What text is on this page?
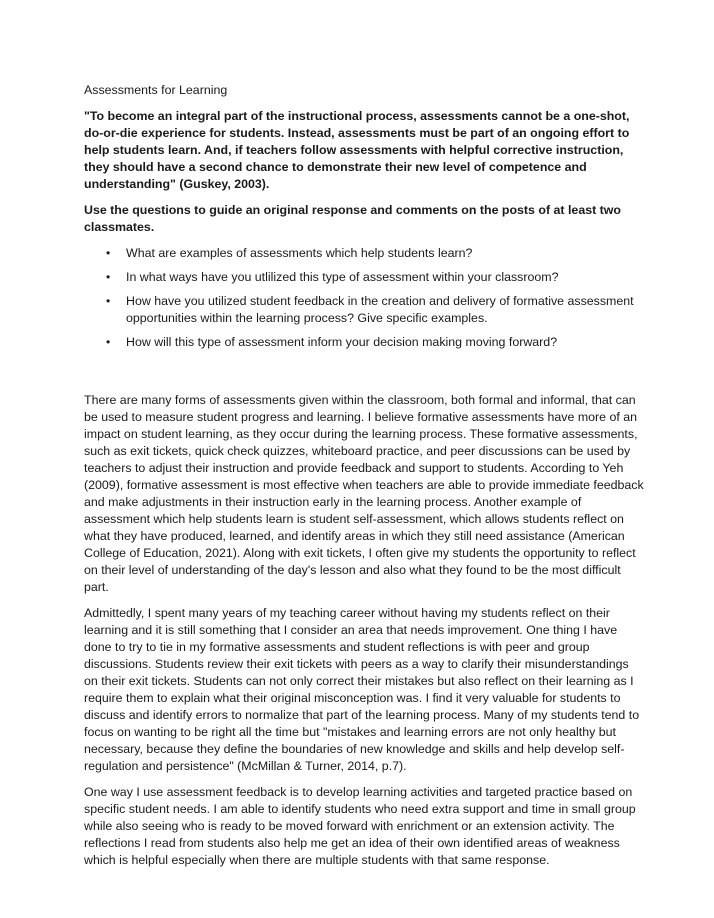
Assessments for Learning

"To become an integral part of the instructional process, assessments cannot be a one-shot, do-or-die experience for students. Instead, assessments must be part of an ongoing effort to help students learn. And, if teachers follow assessments with helpful corrective instruction, they should have a second chance to demonstrate their new level of competence and understanding" (Guskey, 2003).

Use the questions to guide an original response and comments on the posts of at least two classmates.

• What are examples of assessments which help students learn?
• In what ways have you utlilized this type of assessment within your classroom?
• How have you utilized student feedback in the creation and delivery of formative assessment opportunities within the learning process? Give specific examples.
• How will this type of assessment inform your decision making moving forward?

There are many forms of assessments given within the classroom, both formal and informal, that can be used to measure student progress and learning. I believe formative assessments have more of an impact on student learning, as they occur during the learning process. These formative assessments, such as exit tickets, quick check quizzes, whiteboard practice, and peer discussions can be used by teachers to adjust their instruction and provide feedback and support to students. According to Yeh (2009), formative assessment is most effective when teachers are able to provide immediate feedback and make adjustments in their instruction early in the learning process. Another example of assessment which help students learn is student self-assessment, which allows students reflect on what they have produced, learned, and identify areas in which they still need assistance (American College of Education, 2021). Along with exit tickets, I often give my students the opportunity to reflect on their level of understanding of the day's lesson and also what they found to be the most difficult part.

Admittedly, I spent many years of my teaching career without having my students reflect on their learning and it is still something that I consider an area that needs improvement. One thing I have done to try to tie in my formative assessments and student reflections is with peer and group discussions. Students review their exit tickets with peers as a way to clarify their misunderstandings on their exit tickets. Students can not only correct their mistakes but also reflect on their learning as I require them to explain what their original misconception was. I find it very valuable for students to discuss and identify errors to normalize that part of the learning process. Many of my students tend to focus on wanting to be right all the time but "mistakes and learning errors are not only healthy but necessary, because they define the boundaries of new knowledge and skills and help develop self-regulation and persistence" (McMillan & Turner, 2014, p.7).

One way I use assessment feedback is to develop learning activities and targeted practice based on specific student needs. I am able to identify students who need extra support and time in small group while also seeing who is ready to be moved forward with enrichment or an extension activity. The reflections I read from students also help me get an idea of their own identified areas of weakness which is helpful especially when there are multiple students with that same response.
